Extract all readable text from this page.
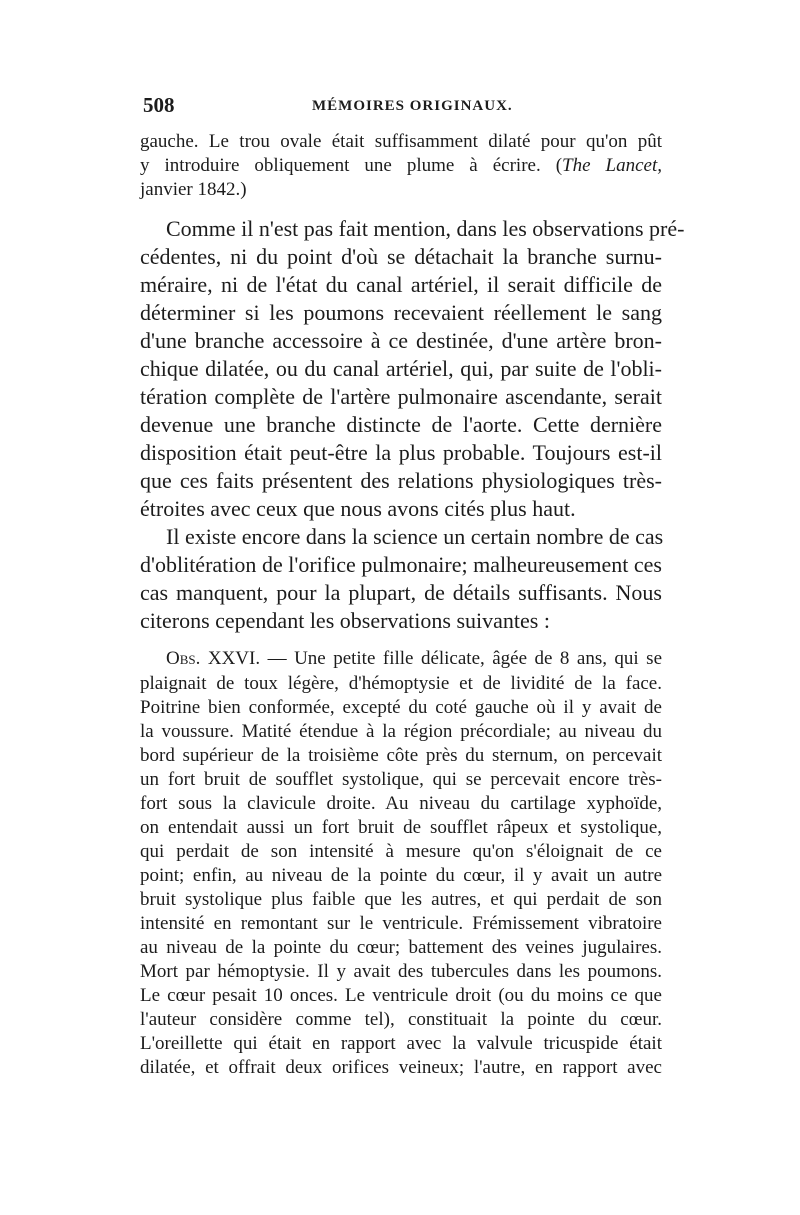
508	MÉMOIRES ORIGINAUX.
gauche. Le trou ovale était suffisamment dilaté pour qu'on pût
y introduire obliquement une plume à écrire. (The Lancet,
janvier 1842.)
Comme il n'est pas fait mention, dans les observations pré-
cédentes, ni du point d'où se détachait la branche surnu-
méraire, ni de l'état du canal artériel, il serait difficile de
déterminer si les poumons recevaient réellement le sang
d'une branche accessoire à ce destinée, d'une artère bron-
chique dilatée, ou du canal artériel, qui, par suite de l'obli-
tération complète de l'artère pulmonaire ascendante, serait
devenue une branche distincte de l'aorte. Cette dernière
disposition était peut-être la plus probable. Toujours est-il
que ces faits présentent des relations physiologiques très-
étroites avec ceux que nous avons cités plus haut.
Il existe encore dans la science un certain nombre de cas
d'oblitération de l'orifice pulmonaire; malheureusement ces
cas manquent, pour la plupart, de détails suffisants. Nous
citerons cependant les observations suivantes :
Obs. XXVI. — Une petite fille délicate, âgée de 8 ans, qui se
plaignait de toux légère, d'hémoptysie et de lividité de la face.
Poitrine bien conformée, excepté du coté gauche où il y avait de
la voussure. Matité étendue à la région précordiale; au niveau du
bord supérieur de la troisième côte près du sternum, on percevait
un fort bruit de soufflet systolique, qui se percevait encore très-
fort sous la clavicule droite. Au niveau du cartilage xyphoïde,
on entendait aussi un fort bruit de soufflet râpeux et systolique,
qui perdait de son intensité à mesure qu'on s'éloignait de ce
point; enfin, au niveau de la pointe du cœur, il y avait un autre
bruit systolique plus faible que les autres, et qui perdait de son
intensité en remontant sur le ventricule. Frémissement vibratoire
au niveau de la pointe du cœur; battement des veines jugulaires.
Mort par hémoptysie. Il y avait des tubercules dans les poumons.
Le cœur pesait 10 onces. Le ventricule droit (ou du moins ce que
l'auteur considère comme tel), constituait la pointe du cœur.
L'oreillette qui était en rapport avec la valvule tricuspide était
dilatée, et offrait deux orifices veineux; l'autre, en rapport avec
